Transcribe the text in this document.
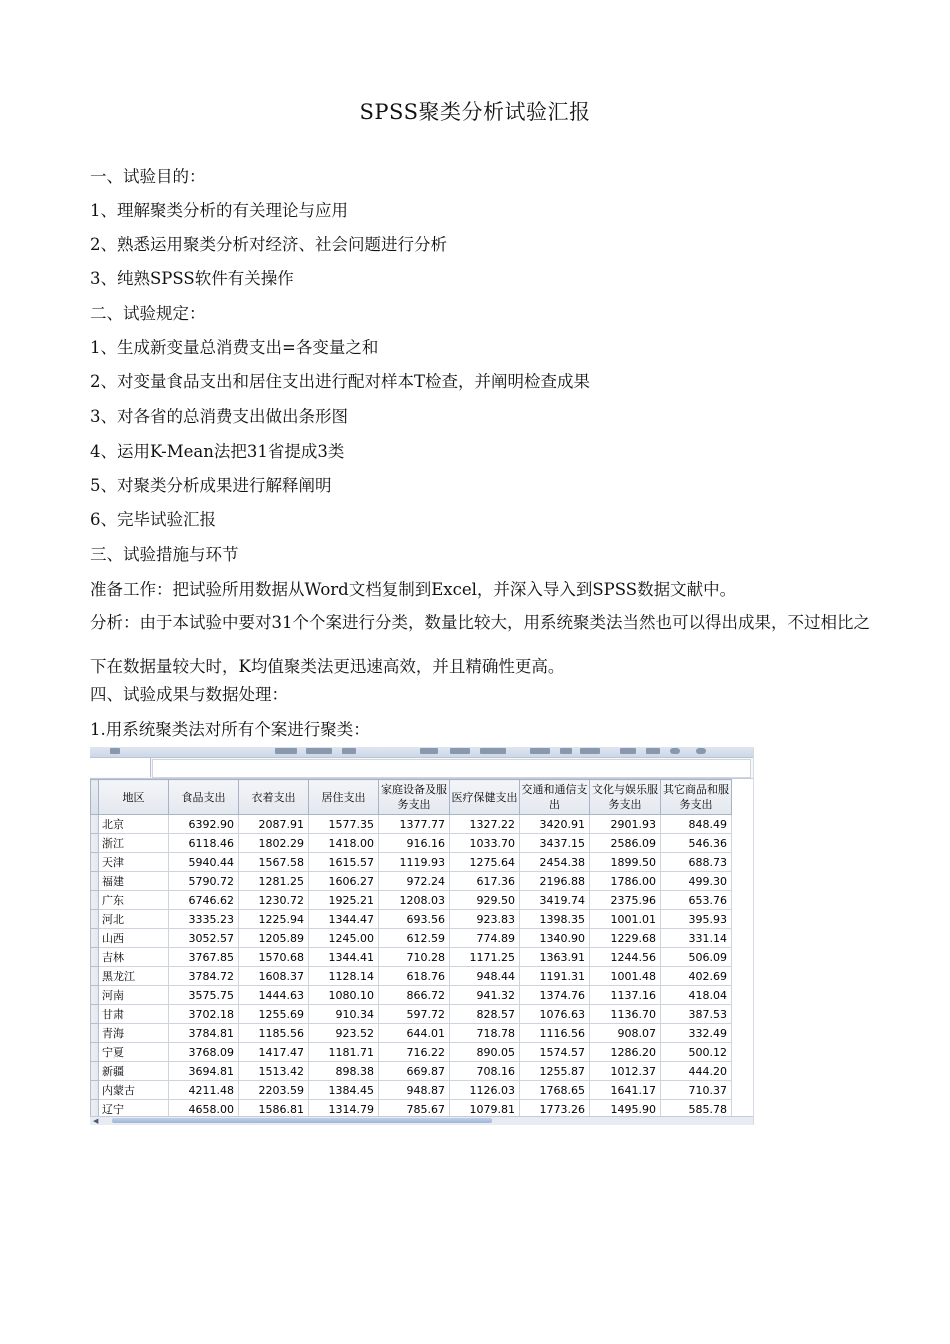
SPSS聚类分析试验汇报
一、试验目的：
1、理解聚类分析的有关理论与应用
2、熟悉运用聚类分析对经济、社会问题进行分析
3、纯熟SPSS软件有关操作
二、试验规定：
1、生成新变量总消费支出=各变量之和
2、对变量食品支出和居住支出进行配对样本T检查，并阐明检查成果
3、对各省的总消费支出做出条形图
4、运用K-Mean法把31省提成3类
5、对聚类分析成果进行解释阐明
6、完毕试验汇报
三、试验措施与环节
准备工作：把试验所用数据从Word文档复制到Excel，并深入导入到SPSS数据文献中。
分析：由于本试验中要对31个个案进行分类，数量比较大，用系统聚类法当然也可以得出成果，不过相比之下在数据量较大时，K均值聚类法更迅速高效，并且精确性更高。
四、试验成果与数据处理：
1.用系统聚类法对所有个案进行聚类：
	地区	食品支出	衣着支出	居住支出	家庭设备及服务支出	医疗保健支出	交通和通信支出	文化与娱乐服务支出	其它商品和服务支出
	北京	6392.90	2087.91	1577.35	1377.77	1327.22	3420.91	2901.93	848.49
	浙江	6118.46	1802.29	1418.00	916.16	1033.70	3437.15	2586.09	546.36
	天津	5940.44	1567.58	1615.57	1119.93	1275.64	2454.38	1899.50	688.73
	福建	5790.72	1281.25	1606.27	972.24	617.36	2196.88	1786.00	499.30
	广东	6746.62	1230.72	1925.21	1208.03	929.50	3419.74	2375.96	653.76
	河北	3335.23	1225.94	1344.47	693.56	923.83	1398.35	1001.01	395.93
	山西	3052.57	1205.89	1245.00	612.59	774.89	1340.90	1229.68	331.14
	吉林	3767.85	1570.68	1344.41	710.28	1171.25	1363.91	1244.56	506.09
	黑龙江	3784.72	1608.37	1128.14	618.76	948.44	1191.31	1001.48	402.69
	河南	3575.75	1444.63	1080.10	866.72	941.32	1374.76	1137.16	418.04
	甘肃	3702.18	1255.69	910.34	597.72	828.57	1076.63	1136.70	387.53
	青海	3784.81	1185.56	923.52	644.01	718.78	1116.56	908.07	332.49
	宁夏	3768.09	1417.47	1181.71	716.22	890.05	1574.57	1286.20	500.12
	新疆	3694.81	1513.42	898.38	669.87	708.16	1255.87	1012.37	444.20
	内蒙古	4211.48	2203.59	1384.45	948.87	1126.03	1768.65	1641.17	710.37
	辽宁	4658.00	1586.81	1314.79	785.67	1079.81	1773.26	1495.90	585.78
◀
